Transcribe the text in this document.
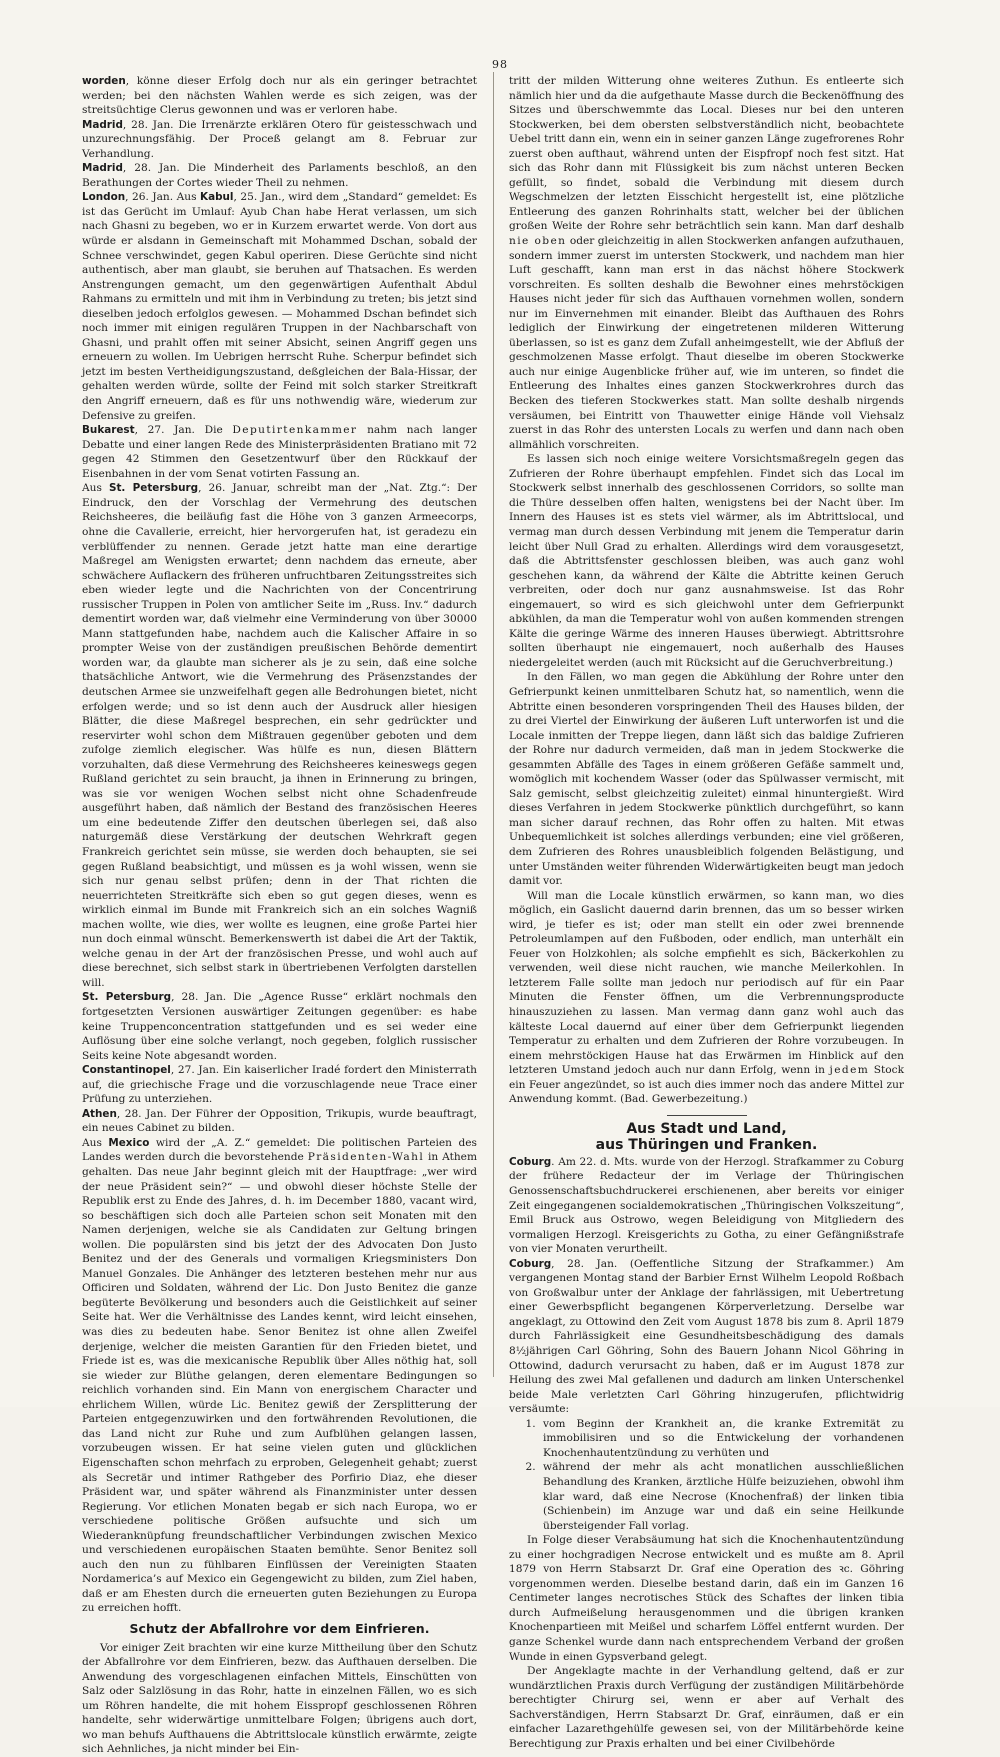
98

worden, könne dieser Erfolg doch nur als ein geringer betrachtet werden; bei den nächsten Wahlen werde es sich zeigen, was der streitsüchtige Clerus gewonnen und was er verloren habe.

Madrid, 28. Jan. Die Irrenärzte erklären Otero für geistesschwach und unzurechnungsfähig. Der Proceß gelangt am 8. Februar zur Verhandlung.

Madrid, 28. Jan. Die Minderheit des Parlaments beschloß, an den Berathungen der Cortes wieder Theil zu nehmen.

London, 26. Jan. Aus Kabul, 25. Jan., wird dem „Standard“ gemeldet: Es ist das Gerücht im Umlauf: Ayub Chan habe Herat verlassen, um sich nach Ghasni zu begeben, wo er in Kurzem erwartet werde. Von dort aus würde er alsdann in Gemeinschaft mit Mohammed Dschan, sobald der Schnee verschwindet, gegen Kabul operiren. Diese Gerüchte sind nicht authentisch, aber man glaubt, sie beruhen auf Thatsachen. Es werden Anstrengungen gemacht, um den gegenwärtigen Aufenthalt Abdul Rahmans zu ermitteln und mit ihm in Verbindung zu treten; bis jetzt sind dieselben jedoch erfolglos gewesen. — Mohammed Dschan befindet sich noch immer mit einigen regulären Truppen in der Nachbarschaft von Ghasni, und prahlt offen mit seiner Absicht, seinen Angriff gegen uns erneuern zu wollen. Im Uebrigen herrscht Ruhe. Scherpur befindet sich jetzt im besten Vertheidigungszustand, deßgleichen der Bala-Hissar, der gehalten werden würde, sollte der Feind mit solch starker Streitkraft den Angriff erneuern, daß es für uns nothwendig wäre, wiederum zur Defensive zu greifen.

Bukarest, 27. Jan. Die Deputirtenkammer nahm nach langer Debatte und einer langen Rede des Ministerpräsidenten Bratiano mit 72 gegen 42 Stimmen den Gesetzentwurf über den Rückkauf der Eisenbahnen in der vom Senat votirten Fassung an.

Aus St. Petersburg, 26. Januar, schreibt man der „Nat. Ztg.“: Der Eindruck, den der Vorschlag der Vermehrung des deutschen Reichsheeres, die beiläufig fast die Höhe von 3 ganzen Armeecorps, ohne die Cavallerie, erreicht, hier hervorgerufen hat, ist geradezu ein verblüffender zu nennen. Gerade jetzt hatte man eine derartige Maßregel am Wenigsten erwartet; denn nachdem das erneute, aber schwächere Auflackern des früheren unfruchtbaren Zeitungsstreites sich eben wieder legte und die Nachrichten von der Concentrirung russischer Truppen in Polen von amtlicher Seite im „Russ. Inv.“ dadurch dementirt worden war, daß vielmehr eine Verminderung von über 30000 Mann stattgefunden habe, nachdem auch die Kalischer Affaire in so prompter Weise von der zuständigen preußischen Behörde dementirt worden war, da glaubte man sicherer als je zu sein, daß eine solche thatsächliche Antwort, wie die Vermehrung des Präsenzstandes der deutschen Armee sie unzweifelhaft gegen alle Bedrohungen bietet, nicht erfolgen werde; und so ist denn auch der Ausdruck aller hiesigen Blätter, die diese Maßregel besprechen, ein sehr gedrückter und reservirter wohl schon dem Mißtrauen gegenüber geboten und dem zufolge ziemlich elegischer. Was hülfe es nun, diesen Blättern vorzuhalten, daß diese Vermehrung des Reichsheeres keineswegs gegen Rußland gerichtet zu sein braucht, ja ihnen in Erinnerung zu bringen, was sie vor wenigen Wochen selbst nicht ohne Schadenfreude ausgeführt haben, daß nämlich der Bestand des französischen Heeres um eine bedeutende Ziffer den deutschen überlegen sei, daß also naturgemäß diese Verstärkung der deutschen Wehrkraft gegen Frankreich gerichtet sein müsse, sie werden doch behaupten, sie sei gegen Rußland beabsichtigt, und müssen es ja wohl wissen, wenn sie sich nur genau selbst prüfen; denn in der That richten die neuerrichteten Streitkräfte sich eben so gut gegen dieses, wenn es wirklich einmal im Bunde mit Frankreich sich an ein solches Wagniß machen wollte, wie dies, wer wollte es leugnen, eine große Partei hier nun doch einmal wünscht. Bemerkenswerth ist dabei die Art der Taktik, welche genau in der Art der französischen Presse, und wohl auch auf diese berechnet, sich selbst stark in übertriebenen Verfolgten darstellen will.

St. Petersburg, 28. Jan. Die „Agence Russe“ erklärt nochmals den fortgesetzten Versionen auswärtiger Zeitungen gegenüber: es habe keine Truppenconcentration stattgefunden und es sei weder eine Auflösung über eine solche verlangt, noch gegeben, folglich russischer Seits keine Note abgesandt worden.

Constantinopel, 27. Jan. Ein kaiserlicher Iradé fordert den Ministerrath auf, die griechische Frage und die vorzuschlagende neue Trace einer Prüfung zu unterziehen.

Athen, 28. Jan. Der Führer der Opposition, Trikupis, wurde beauftragt, ein neues Cabinet zu bilden.

Aus Mexico wird der „A. Z.“ gemeldet: Die politischen Parteien des Landes werden durch die bevorstehende Präsidenten-Wahl in Athem gehalten. Das neue Jahr beginnt gleich mit der Hauptfrage: „wer wird der neue Präsident sein?“ — und obwohl dieser höchste Stelle der Republik erst zu Ende des Jahres, d. h. im December 1880, vacant wird, so beschäftigen sich doch alle Parteien schon seit Monaten mit den Namen derjenigen, welche sie als Candidaten zur Geltung bringen wollen. Die populärsten sind bis jetzt der des Advocaten Don Justo Benitez und der des Generals und vormaligen Kriegsministers Don Manuel Gonzales. Die Anhänger des letzteren bestehen mehr nur aus Officiren und Soldaten, während der Lic. Don Justo Benitez die ganze begüterte Bevölkerung und besonders auch die Geistlichkeit auf seiner Seite hat. Wer die Verhältnisse des Landes kennt, wird leicht einsehen, was dies zu bedeuten habe. Senor Benitez ist ohne allen Zweifel derjenige, welcher die meisten Garantien für den Frieden bietet, und Friede ist es, was die mexicanische Republik über Alles nöthig hat, soll sie wieder zur Blüthe gelangen, deren elementare Bedingungen so reichlich vorhanden sind. Ein Mann von energischem Character und ehrlichem Willen, würde Lic. Benitez gewiß der Zersplitterung der Parteien entgegenzuwirken und den fortwährenden Revolutionen, die das Land nicht zur Ruhe und zum Aufblühen gelangen lassen, vorzubeugen wissen. Er hat seine vielen guten und glücklichen Eigenschaften schon mehrfach zu erproben, Gelegenheit gehabt; zuerst als Secretär und intimer Rathgeber des Porfirio Diaz, ehe dieser Präsident war, und später während als Finanzminister unter dessen Regierung. Vor etlichen Monaten begab er sich nach Europa, wo er verschiedene politische Größen aufsuchte und sich um Wiederanknüpfung freundschaftlicher Verbindungen zwischen Mexico und verschiedenen europäischen Staaten bemühte. Senor Benitez soll auch den nun zu fühlbaren Einflüssen der Vereinigten Staaten Nordamerica’s auf Mexico ein Gegengewicht zu bilden, zum Ziel haben, daß er am Ehesten durch die erneuerten guten Beziehungen zu Europa zu erreichen hofft.

Schutz der Abfallrohre vor dem Einfrieren.

Vor einiger Zeit brachten wir eine kurze Mittheilung über den Schutz der Abfallrohre vor dem Einfrieren, bezw. das Aufthauen derselben. Die Anwendung des vorgeschlagenen einfachen Mittels, Einschütten von Salz oder Salzlösung in das Rohr, hatte in einzelnen Fällen, wo es sich um Röhren handelte, die mit hohem Eisspropf geschlossenen Röhren handelte, sehr widerwärtige unmittelbare Folgen; übrigens auch dort, wo man behufs Aufthauens die Abtrittslocale künstlich erwärmte, zeigte sich Aehnliches, ja nicht minder bei Ein-

tritt der milden Witterung ohne weiteres Zuthun. Es entleerte sich nämlich hier und da die aufgethaute Masse durch die Beckenöffnung des Sitzes und überschwemmte das Local. Dieses nur bei den unteren Stockwerken, bei dem obersten selbstverständlich nicht, beobachtete Uebel tritt dann ein, wenn ein in seiner ganzen Länge zugefrorenes Rohr zuerst oben aufthaut, während unten der Eispfropf noch fest sitzt. Hat sich das Rohr dann mit Flüssigkeit bis zum nächst unteren Becken gefüllt, so findet, sobald die Verbindung mit diesem durch Wegschmelzen der letzten Eisschicht hergestellt ist, eine plötzliche Entleerung des ganzen Rohrinhalts statt, welcher bei der üblichen großen Weite der Rohre sehr beträchtlich sein kann. Man darf deshalb nie oben oder gleichzeitig in allen Stockwerken anfangen aufzuthauen, sondern immer zuerst im untersten Stockwerk, und nachdem man hier Luft geschafft, kann man erst in das nächst höhere Stockwerk vorschreiten. Es sollten deshalb die Bewohner eines mehrstöckigen Hauses nicht jeder für sich das Aufthauen vornehmen wollen, sondern nur im Einvernehmen mit einander. Bleibt das Aufthauen des Rohrs lediglich der Einwirkung der eingetretenen milderen Witterung überlassen, so ist es ganz dem Zufall anheimgestellt, wie der Abfluß der geschmolzenen Masse erfolgt. Thaut dieselbe im oberen Stockwerke auch nur einige Augenblicke früher auf, wie im unteren, so findet die Entleerung des Inhaltes eines ganzen Stockwerkrohres durch das Becken des tieferen Stockwerkes statt. Man sollte deshalb nirgends versäumen, bei Eintritt von Thauwetter einige Hände voll Viehsalz zuerst in das Rohr des untersten Locals zu werfen und dann nach oben allmählich vorschreiten.

Es lassen sich noch einige weitere Vorsichtsmaßregeln gegen das Zufrieren der Rohre überhaupt empfehlen. Findet sich das Local im Stockwerk selbst innerhalb des geschlossenen Corridors, so sollte man die Thüre desselben offen halten, wenigstens bei der Nacht über. Im Innern des Hauses ist es stets viel wärmer, als im Abtrittslocal, und vermag man durch dessen Verbindung mit jenem die Temperatur darin leicht über Null Grad zu erhalten. Allerdings wird dem vorausgesetzt, daß die Abtrittsfenster geschlossen bleiben, was auch ganz wohl geschehen kann, da während der Kälte die Abtritte keinen Geruch verbreiten, oder doch nur ganz ausnahmsweise. Ist das Rohr eingemauert, so wird es sich gleichwohl unter dem Gefrierpunkt abkühlen, da man die Temperatur wohl von außen kommenden strengen Kälte die geringe Wärme des inneren Hauses überwiegt. Abtrittsrohre sollten überhaupt nie eingemauert, noch außerhalb des Hauses niedergeleitet werden (auch mit Rücksicht auf die Geruchverbreitung.)

In den Fällen, wo man gegen die Abkühlung der Rohre unter den Gefrierpunkt keinen unmittelbaren Schutz hat, so namentlich, wenn die Abtritte einen besonderen vorspringenden Theil des Hauses bilden, der zu drei Viertel der Einwirkung der äußeren Luft unterworfen ist und die Locale inmitten der Treppe liegen, dann läßt sich das baldige Zufrieren der Rohre nur dadurch vermeiden, daß man in jedem Stockwerke die gesammten Abfälle des Tages in einem größeren Gefäße sammelt und, womöglich mit kochendem Wasser (oder das Spülwasser vermischt, mit Salz gemischt, selbst gleichzeitig zuleitet) einmal hinuntergießt. Wird dieses Verfahren in jedem Stockwerke pünktlich durchgeführt, so kann man sicher darauf rechnen, das Rohr offen zu halten. Mit etwas Unbequemlichkeit ist solches allerdings verbunden; eine viel größeren, dem Zufrieren des Rohres unausbleiblich folgenden Belästigung, und unter Umständen weiter führenden Widerwärtigkeiten beugt man jedoch damit vor.

Will man die Locale künstlich erwärmen, so kann man, wo dies möglich, ein Gaslicht dauernd darin brennen, das um so besser wirken wird, je tiefer es ist; oder man stellt ein oder zwei brennende Petroleumlampen auf den Fußboden, oder endlich, man unterhält ein Feuer von Holzkohlen; als solche empfiehlt es sich, Bäckerkohlen zu verwenden, weil diese nicht rauchen, wie manche Meilerkohlen. In letzterem Falle sollte man jedoch nur periodisch auf für ein Paar Minuten die Fenster öffnen, um die Verbrennungsproducte hinauszuziehen zu lassen. Man vermag dann ganz wohl auch das kälteste Local dauernd auf einer über dem Gefrierpunkt liegenden Temperatur zu erhalten und dem Zufrieren der Rohre vorzubeugen. In einem mehrstöckigen Hause hat das Erwärmen im Hinblick auf den letzteren Umstand jedoch auch nur dann Erfolg, wenn in jedem Stock ein Feuer angezündet, so ist auch dies immer noch das andere Mittel zur Anwendung kommt. (Bad. Gewerbezeitung.)

Aus Stadt und Land,
aus Thüringen und Franken.

Coburg. Am 22. d. Mts. wurde von der Herzogl. Strafkammer zu Coburg der frühere Redacteur der im Verlage der Thüringischen Genossenschaftsbuchdruckerei erschienenen, aber bereits vor einiger Zeit eingegangenen socialdemokratischen „Thüringischen Volkszeitung“, Emil Bruck aus Ostrowo, wegen Beleidigung von Mitgliedern des vormaligen Herzogl. Kreisgerichts zu Gotha, zu einer Gefängnißstrafe von vier Monaten verurtheilt.

Coburg, 28. Jan. (Oeffentliche Sitzung der Strafkammer.) Am vergangenen Montag stand der Barbier Ernst Wilhelm Leopold Roßbach von Großwalbur unter der Anklage der fahrlässigen, mit Uebertretung einer Gewerbspflicht begangenen Körperverletzung. Derselbe war angeklagt, zu Ottowind den Zeit vom August 1878 bis zum 8. April 1879 durch Fahrlässigkeit eine Gesundheitsbeschädigung des damals 8½jährigen Carl Göhring, Sohn des Bauern Johann Nicol Göhring in Ottowind, dadurch verursacht zu haben, daß er im August 1878 zur Heilung des zwei Mal gefallenen und dadurch am linken Unterschenkel beide Male verletzten Carl Göhring hinzugerufen, pflichtwidrig versäumte:

1. vom Beginn der Krankheit an, die kranke Extremität zu immobilisiren und so die Entwickelung der vorhandenen Knochenhautentzündung zu verhüten und
2. während der mehr als acht monatlichen ausschließlichen Behandlung des Kranken, ärztliche Hülfe beizuziehen, obwohl ihm klar ward, daß eine Necrose (Knochenfraß) der linken tibia (Schienbein) im Anzuge war und daß ein seine Heilkunde übersteigender Fall vorlag.

In Folge dieser Verabsäumung hat sich die Knochenhautentzündung zu einer hochgradigen Necrose entwickelt und es mußte am 8. April 1879 von Herrn Stabsarzt Dr. Graf eine Operation des ꝛc. Göhring vorgenommen werden. Dieselbe bestand darin, daß ein im Ganzen 16 Centimeter langes necrotisches Stück des Schaftes der linken tibia durch Aufmeißelung herausgenommen und die übrigen kranken Knochenpartieen mit Meißel und scharfem Löffel entfernt wurden. Der ganze Schenkel wurde dann nach entsprechendem Verband der großen Wunde in einen Gypsverband gelegt.

Der Angeklagte machte in der Verhandlung geltend, daß er zur wundärztlichen Praxis durch Verfügung der zuständigen Militärbehörde berechtigter Chirurg sei, wenn er aber auf Verhalt des Sachverständigen, Herrn Stabsarzt Dr. Graf, einräumen, daß er ein einfacher Lazarethgehülfe gewesen sei, von der Militärbehörde keine Berechtigung zur Praxis erhalten und bei einer Civilbehörde
